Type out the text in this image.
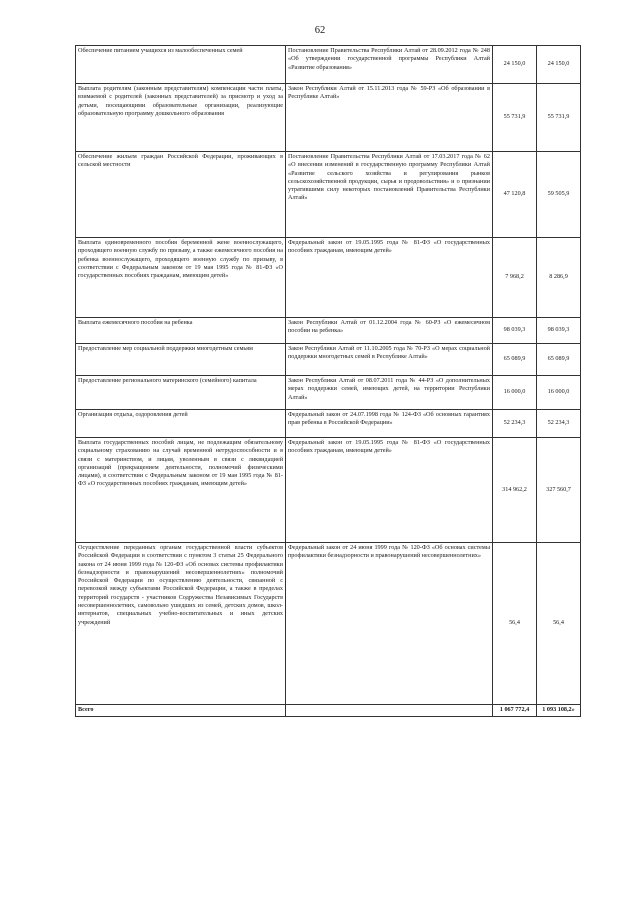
62
Обеспечение питанием учащихся из малообеспеченных семей	Постановление Правительства Республики Алтай от 28.09.2012 года № 248 «Об утверждении государственной программы Республики Алтай «Развитие образования»	24 150,0	24 150,0
Выплата родителям (законным представителям) компенсации части платы, взимаемой с родителей (законных представителей) за присмотр и уход за детьми, посещающими образовательные организации, реализующие образовательную программу дошкольного образования	Закон Республики Алтай от 15.11.2013 года № 59-РЗ «Об образовании в Республике Алтай»	55 731,9	55 731,9
Обеспечение жильем граждан Российской Федерации, проживающих в сельской местности	Постановление Правительства Республики Алтай от 17.03.2017 года № 62 «О внесении изменений в государственную программу Республики Алтай «Развитие сельского хозяйства и регулирования рынков сельскохозяйственной продукции, сырья и продовольствия» и о признании утратившими силу некоторых постановлений Правительства Республики Алтай»	47 120,8	59 505,9
Выплата единовременного пособия беременной жене военнослужащего, проходящего военную службу по призыву, а также ежемесячного пособия на ребенка военнослужащего, проходящего военную службу по призыву, в соответствии с Федеральным законом от 19 мая 1995 года № 81-ФЗ «О государственных пособиях гражданам, имеющим детей»	Федеральный закон от 19.05.1995 года № 81-ФЗ «О государственных пособиях гражданам, имеющим детей»	7 968,2	8 286,9
Выплата ежемесячного пособия на ребенка	Закон Республики Алтай от 01.12.2004 года № 60-РЗ «О ежемесячном пособии на ребенка»	98 039,3	98 039,3
Предоставление мер социальной поддержки многодетным семьям	Закон Республики Алтай от 11.10.2005 года № 70-РЗ «О мерах социальной поддержки многодетных семей в Республике Алтай»	65 089,9	65 089,9
Предоставление регионального материнского (семейного) капитала	Закон Республики Алтай от 08.07.2011 года № 44-РЗ «О дополнительных мерах поддержки семей, имеющих детей, на территории Республики Алтай»	16 000,0	16 000,0
Организация отдыха, оздоровления детей	Федеральный закон от 24.07.1998 года № 124-ФЗ «Об основных гарантиях прав ребенка в Российской Федерации»	52 234,3	52 234,3
Выплата государственных пособий лицам, не подлежащим обязательному социальному страхованию на случай временной нетрудоспособности и в связи с материнством, и лицам, уволенным в связи с ликвидацией организаций (прекращением деятельности, полномочий физическими лицами), в соответствии с Федеральным законом от 19 мая 1995 года № 81-ФЗ «О государственных пособиях гражданам, имеющим детей»	Федеральный закон от 19.05.1995 года № 81-ФЗ «О государственных пособиях гражданам, имеющим детей»	314 962,2	327 560,7
Осуществление переданных органам государственной власти субъектов Российской Федерации в соответствии с пунктом 3 статьи 25 Федерального закона от 24 июня 1999 года № 120-ФЗ «Об основах системы профилактики безнадзорности и правонарушений несовершеннолетних» полномочий Российской Федерации по осуществлению деятельности, связанной с перевозкой между субъектами Российской Федерации, а также в пределах территорий государств - участников Содружества Независимых Государств несовершеннолетних, самовольно ушедших из семей, детских домов, школ-интернатов, специальных учебно-воспитательных и иных детских учреждений	Федеральный закон от 24 июня 1999 года № 120-ФЗ «Об основах системы профилактики безнадзорности и правонарушений несовершеннолетних»	56,4	56,4
Всего		1 067 772,4	1 093 108,2»
